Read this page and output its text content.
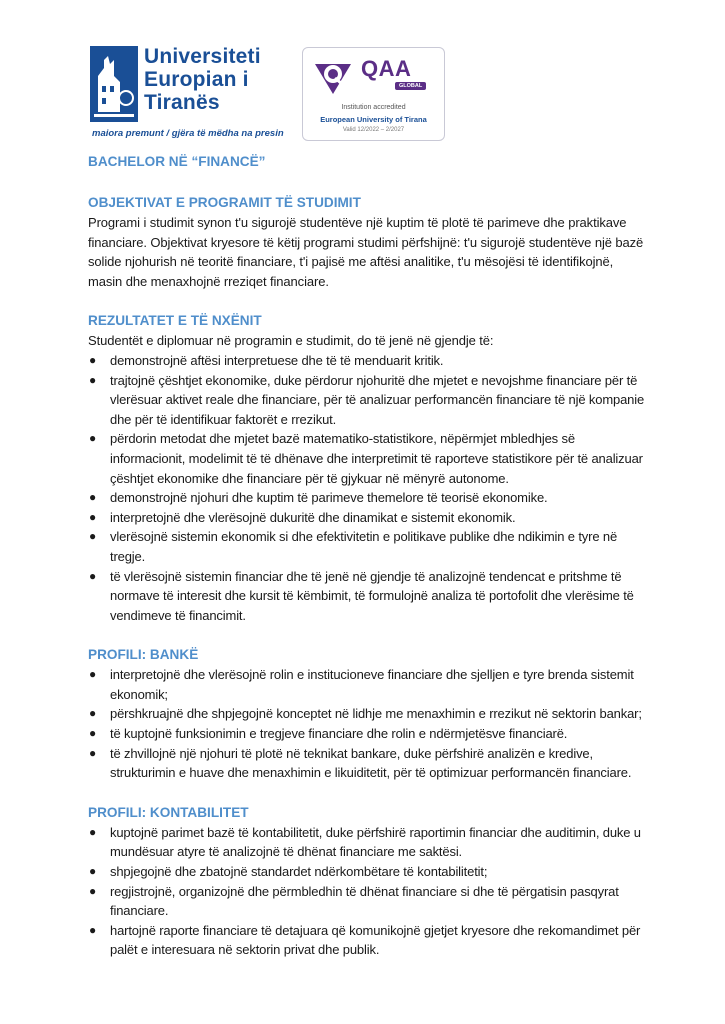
Universiteti
Europian i
Tiranës
maiora premunt / gjëra të mëdha na presin
QAA
GLOBAL
Institution accredited
European University of Tirana
Valid 12/2022 – 2/2027
BACHELOR NË “FINANCË”
OBJEKTIVAT E PROGRAMIT TË STUDIMIT

Programi i studimit synon t'u sigurojë studentëve një kuptim të plotë të parimeve dhe praktikave financiare. Objektivat kryesore të këtij programi studimi përfshijnë: t'u sigurojë studentëve një bazë solide njohurish në teoritë financiare, t'i pajisë me aftësi analitike, t'u mësojësi të identifikojnë, masin dhe menaxhojnë rreziqet financiare.

REZULTATET E TË NXËNIT

Studentët e diplomuar në programin e studimit, do të jenë në gjendje të:

● demonstrojnë aftësi interpretuese dhe të të menduarit kritik.
● trajtojnë çështjet ekonomike, duke përdorur njohuritë dhe mjetet e nevojshme financiare për të vlerësuar aktivet reale dhe financiare, për të analizuar performancën financiare të një kompanie dhe për të identifikuar faktorët e rrezikut.
● përdorin metodat dhe mjetet bazë matematiko-statistikore, nëpërmjet mbledhjes së informacionit, modelimit të të dhënave dhe interpretimit të raporteve statistikore për të analizuar çështjet ekonomike dhe financiare për të gjykuar në mënyrë autonome.
● demonstrojnë njohuri dhe kuptim të parimeve themelore të teorisë ekonomike.
● interpretojnë dhe vlerësojnë dukuritë dhe dinamikat e sistemit ekonomik.
● vlerësojnë sistemin ekonomik si dhe efektivitetin e politikave publike dhe ndikimin e tyre në tregje.
● të vlerësojnë sistemin financiar dhe të jenë në gjendje të analizojnë tendencat e pritshme të normave të interesit dhe kursit të këmbimit, të formulojnë analiza të portofolit dhe vlerësime të vendimeve të financimit.
PROFILI: BANKË
● interpretojnë dhe vlerësojnë rolin e institucioneve financiare dhe sjelljen e tyre brenda sistemit ekonomik;
● përshkruajnë dhe shpjegojnë konceptet në lidhje me menaxhimin e rrezikut në sektorin bankar;
● të kuptojnë funksionimin e tregjeve financiare dhe rolin e ndërmjetësve financiarë.
● të zhvillojnë një njohuri të plotë në teknikat bankare, duke përfshirë analizën e kredive, strukturimin e huave dhe menaxhimin e likuiditetit, për të optimizuar performancën financiare.
PROFILI: KONTABILITET
● kuptojnë parimet bazë të kontabilitetit, duke përfshirë raportimin financiar dhe auditimin, duke u mundësuar atyre të analizojnë të dhënat financiare me saktësi.
● shpjegojnë dhe zbatojnë standardet ndërkombëtare të kontabilitetit;
● regjistrojnë, organizojnë dhe përmbledhin të dhënat financiare si dhe të përgatisin pasqyrat financiare.
● hartojnë raporte financiare të detajuara që komunikojnë gjetjet kryesore dhe rekomandimet për palët e interesuara në sektorin privat dhe publik.
